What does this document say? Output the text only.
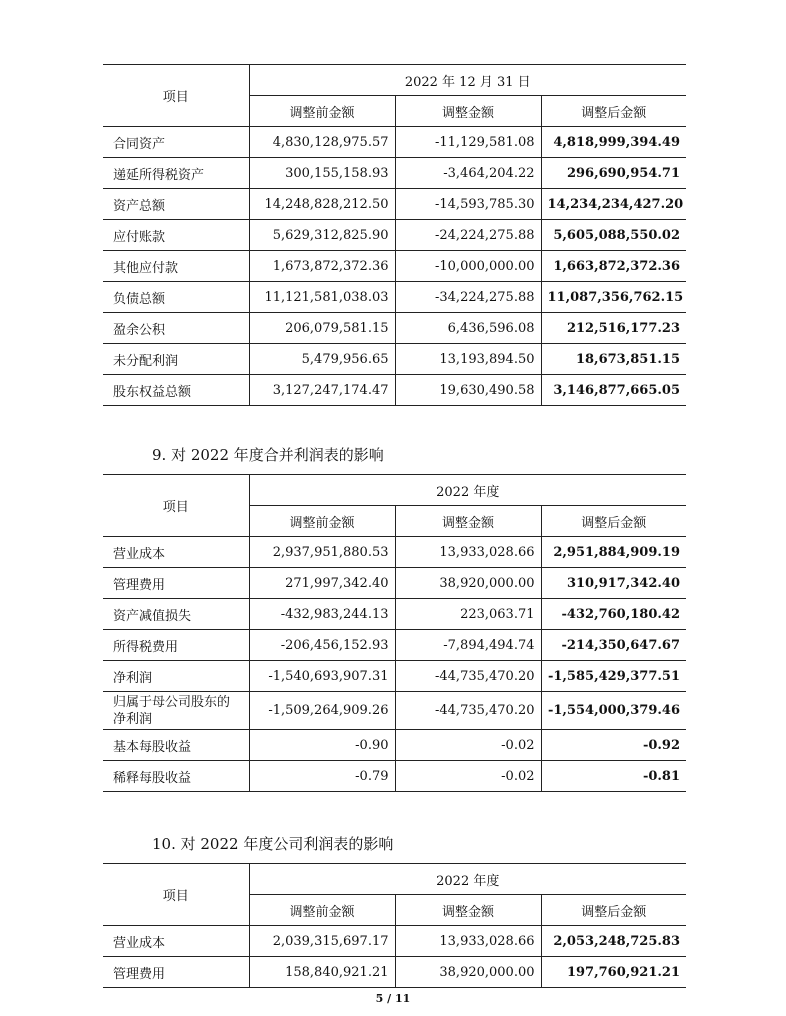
项目	2022 年 12 月 31 日		
	调整前金额	调整金额	调整后金额
合同资产	4,830,128,975.57	-11,129,581.08	4,818,999,394.49
递延所得税资产	300,155,158.93	-3,464,204.22	296,690,954.71
资产总额	14,248,828,212.50	-14,593,785.30	14,234,234,427.20
应付账款	5,629,312,825.90	-24,224,275.88	5,605,088,550.02
其他应付款	1,673,872,372.36	-10,000,000.00	1,663,872,372.36
负债总额	11,121,581,038.03	-34,224,275.88	11,087,356,762.15
盈余公积	206,079,581.15	6,436,596.08	212,516,177.23
未分配利润	5,479,956.65	13,193,894.50	18,673,851.15
股东权益总额	3,127,247,174.47	19,630,490.58	3,146,877,665.05
9. 对 2022 年度合并利润表的影响
项目	2022 年度		
	调整前金额	调整金额	调整后金额
营业成本	2,937,951,880.53	13,933,028.66	2,951,884,909.19
管理费用	271,997,342.40	38,920,000.00	310,917,342.40
资产减值损失	-432,983,244.13	223,063.71	-432,760,180.42
所得税费用	-206,456,152.93	-7,894,494.74	-214,350,647.67
净利润	-1,540,693,907.31	-44,735,470.20	-1,585,429,377.51
归属于母公司股东的净利润	-1,509,264,909.26	-44,735,470.20	-1,554,000,379.46
基本每股收益	-0.90	-0.02	-0.92
稀释每股收益	-0.79	-0.02	-0.81
10. 对 2022 年度公司利润表的影响
项目	2022 年度		
	调整前金额	调整金额	调整后金额
营业成本	2,039,315,697.17	13,933,028.66	2,053,248,725.83
管理费用	158,840,921.21	38,920,000.00	197,760,921.21
5 / 11
